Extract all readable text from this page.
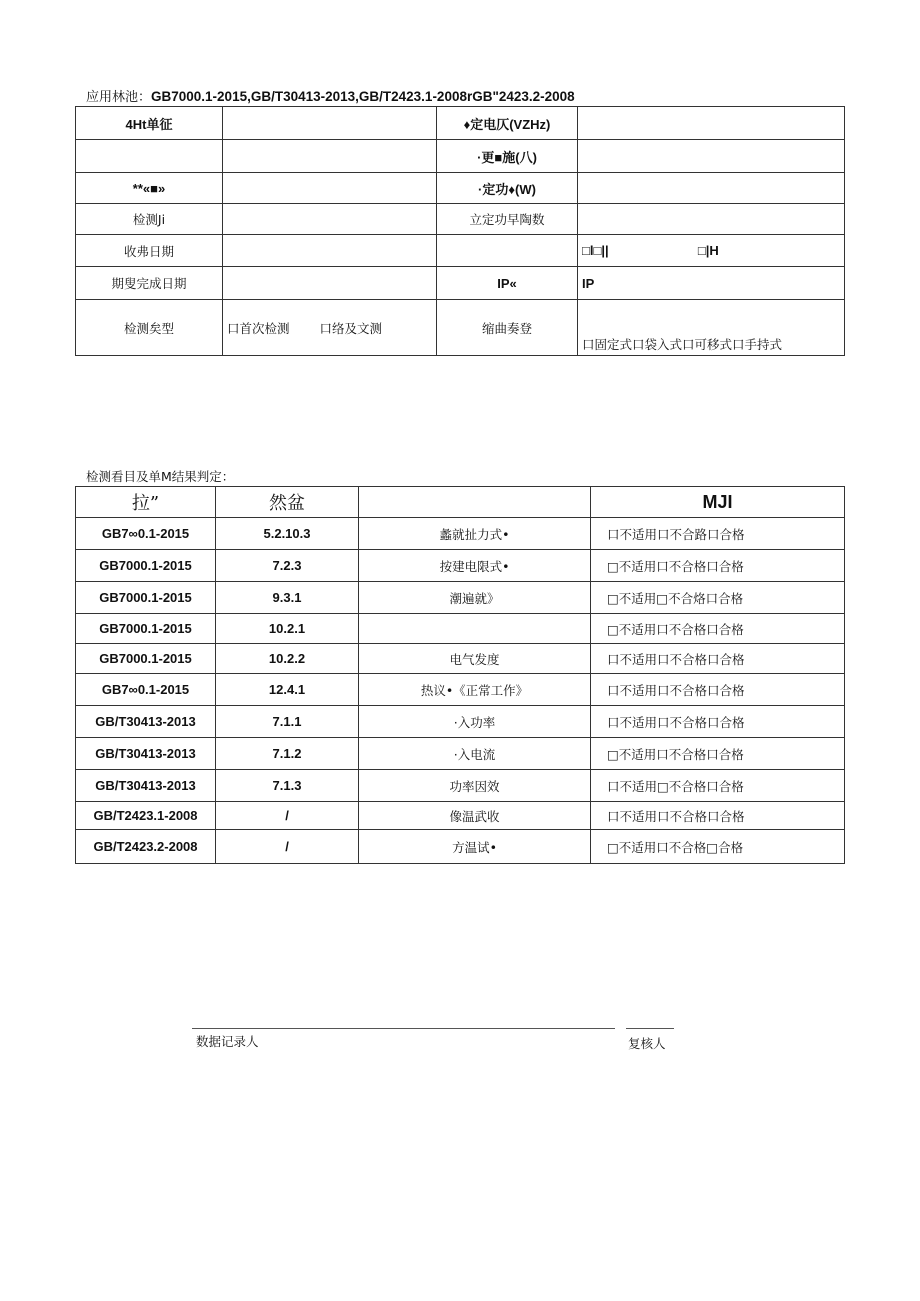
应用林池：GB7000.1-2015,GB/T30413-2013,GB/T2423.1-2008rGB"2423.2-2008
4Ht单征		♦定电仄(VZHz)	
		·更■施(八)	
**«■»		·定功♦(W)	
检测Ji		立定功早陶数	
收弗日期			□l□|| □|H
期叟完成日期		IP«	IP
检测矣型	口首次检测 口络及文测	缩曲奏登	口固定式口袋入式口可移式口手持式
检测看目及单M结果判定：
拉”	然盆		MJI
GB7∞0.1-2015	5.2.10.3	蠡就扯力式•	口不适用口不合路口合格
GB7000.1-2015	7.2.3	按建电限式•	□不适用口不合格口合格
GB7000.1-2015	9.3.1	潮遍就》	□不适用□不合烙口合格
GB7000.1-2015	10.2.1		□不适用口不合格口合格
GB7000.1-2015	10.2.2	电气发度	口不适用口不合格口合格
GB7∞0.1-2015	12.4.1	热议•《正常工作》	口不适用口不合格口合格
GB/T30413-2013	7.1.1	·入功率	口不适用口不合格口合格
GB/T30413-2013	7.1.2	·入电流	□不适用口不合格口合格
GB/T30413-2013	7.1.3	功率因效	口不适用□不合格口合格
GB/T2423.1-2008	/	像温武收	口不适用口不合格口合格
GB/T2423.2-2008	/	方温试•	□不适用口不合格□合格
数据记录人	复核人
